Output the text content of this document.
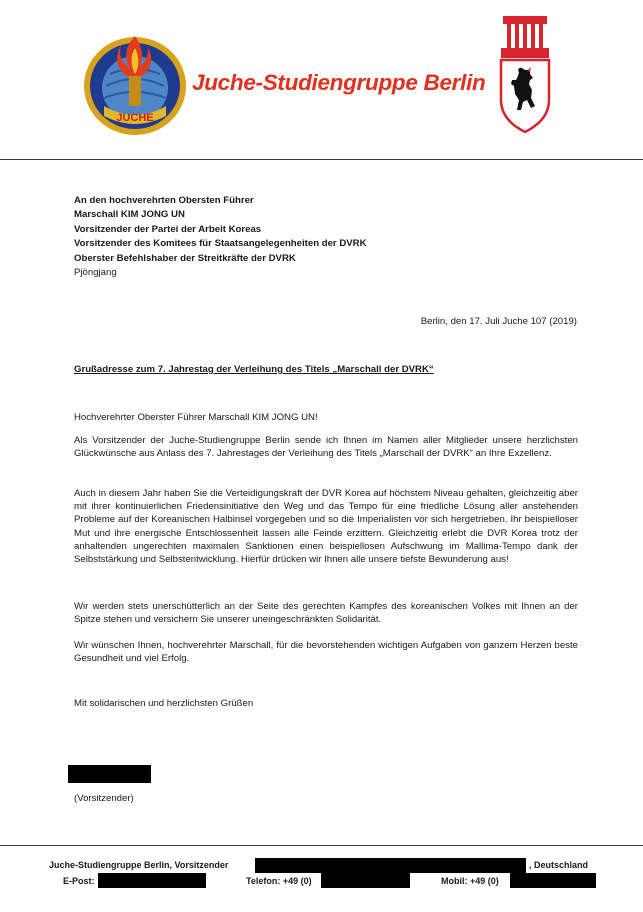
JUCHE
Juche-Studiengruppe Berlin
An den hochverehrten Obersten Führer
Marschall KIM JONG UN
Vorsitzender der Partei der Arbeit Koreas
Vorsitzender des Komitees für Staatsangelegenheiten der DVRK
Oberster Befehlshaber der Streitkräfte der DVRK
Pjöngjang
Berlin, den 17. Juli Juche 107 (2019)
Grußadresse zum 7. Jahrestag der Verleihung des Titels „Marschall der DVRK“
Hochverehrter Oberster Führer Marschall KIM JONG UN!

Als Vorsitzender der Juche-Studiengruppe Berlin sende ich Ihnen im Namen aller Mitglieder unsere herzlichsten Glückwünsche aus Anlass des 7. Jahrestages der Verleihung des Titels „Marschall der DVRK“ an Ihre Exzellenz.

Auch in diesem Jahr haben Sie die Verteidigungskraft der DVR Korea auf höchstem Niveau gehalten, gleichzeitig aber mit ihrer kontinuierlichen Friedensinitiative den Weg und das Tempo für eine friedliche Lösung aller anstehenden Probleme auf der Koreanischen Halbinsel vorgegeben und so die Imperialisten vor sich hergetrieben. Ihr beispielloser Mut und ihre energische Entschlossenheit lassen alle Feinde erzittern. Gleichzeitig erlebt die DVR Korea trotz der anhaltenden ungerechten maximalen Sanktionen einen beispiellosen Aufschwung im Mallima-Tempo dank der Selbststärkung und Selbstentwicklung. Hierfür drücken wir Ihnen alle unsere tiefste Bewunderung aus!

Wir werden stets unerschütterlich an der Seite des gerechten Kampfes des koreanischen Volkes mit Ihnen an der Spitze stehen und versichern Sie unserer uneingeschränkten Solidarität.

Wir wünschen Ihnen, hochverehrter Marschall, für die bevorstehenden wichtigen Aufgaben von ganzem Herzen beste Gesundheit und viel Erfolg.

Mit solidarischen und herzlichsten Grüßen
(Vorsitzender)
Juche-Studiengruppe Berlin, Vorsitzender	, Deutschland
E-Post:	Telefon: +49 (0)	Mobil: +49 (0)
